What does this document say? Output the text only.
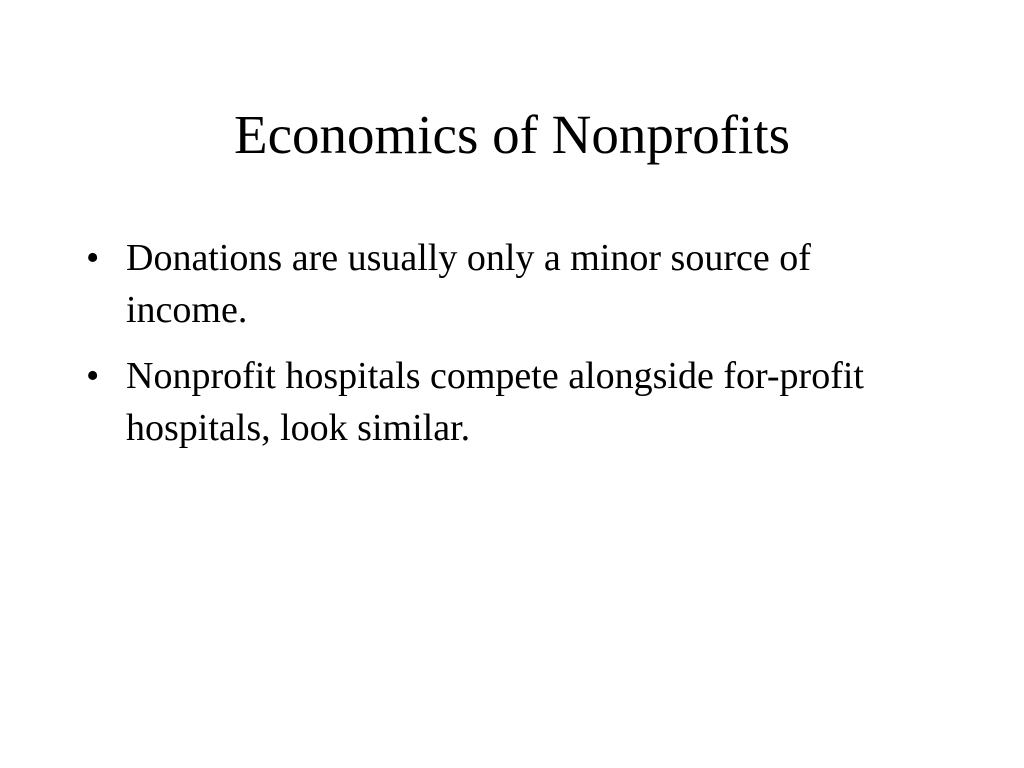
Economics of Nonprofits
• Donations are usually only a minor source of income.
• Nonprofit hospitals compete alongside for-profit hospitals, look similar.
